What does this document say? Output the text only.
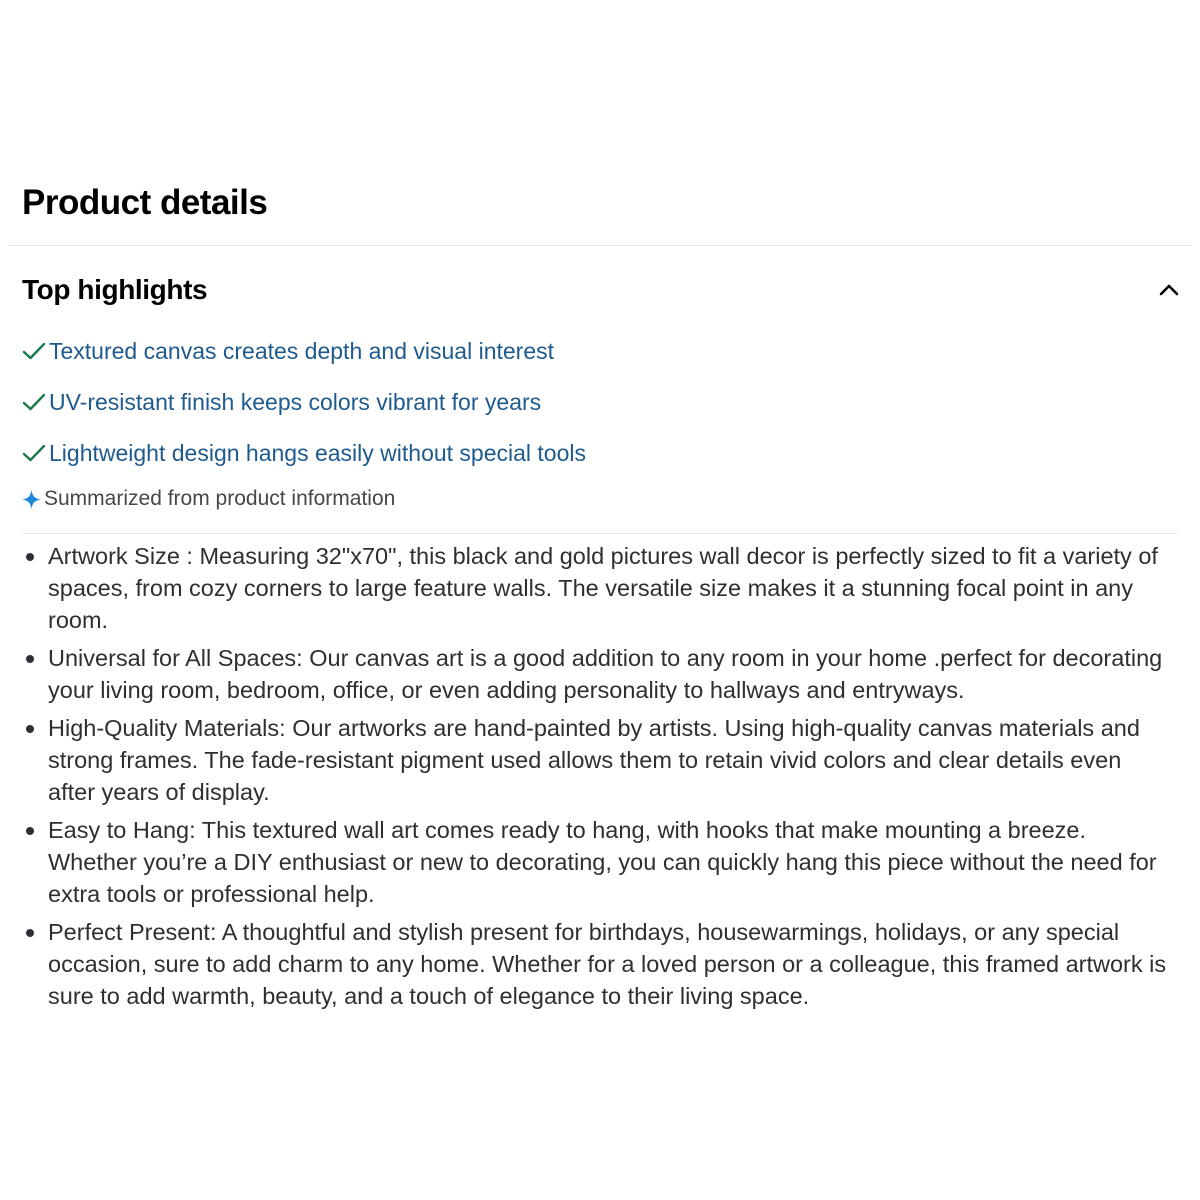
Product details
Top highlights
Textured canvas creates depth and visual interest
UV-resistant finish keeps colors vibrant for years
Lightweight design hangs easily without special tools
Summarized from product information
Artwork Size : Measuring 32"x70", this black and gold pictures wall decor is perfectly sized to fit a variety of spaces, from cozy corners to large feature walls. The versatile size makes it a stunning focal point in any room.
Universal for All Spaces: Our canvas art is a good addition to any room in your home .perfect for decorating your living room, bedroom, office, or even adding personality to hallways and entryways.
High-Quality Materials: Our artworks are hand-painted by artists. Using high-quality canvas materials and strong frames. The fade-resistant pigment used allows them to retain vivid colors and clear details even after years of display.
Easy to Hang: This textured wall art comes ready to hang, with hooks that make mounting a breeze. Whether you’re a DIY enthusiast or new to decorating, you can quickly hang this piece without the need for extra tools or professional help.
Perfect Present: A thoughtful and stylish present for birthdays, housewarmings, holidays, or any special occasion, sure to add charm to any home. Whether for a loved person or a colleague, this framed artwork is sure to add warmth, beauty, and a touch of elegance to their living space.
